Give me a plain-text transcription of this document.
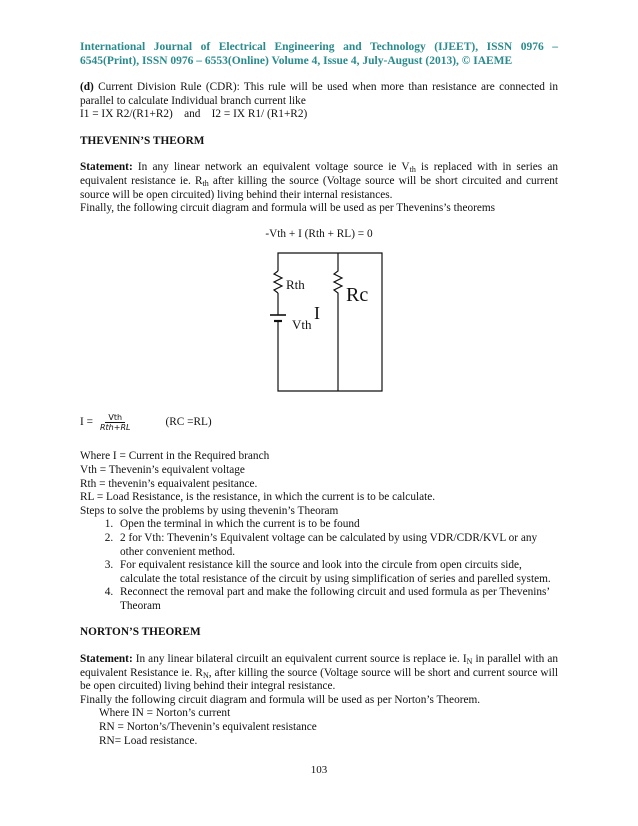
International Journal of Electrical Engineering and Technology (IJEET), ISSN 0976 – 6545(Print), ISSN 0976 – 6553(Online) Volume 4, Issue 4, July-August (2013), © IAEME

(d) Current Division Rule (CDR): This rule will be used when more than resistance are connected in parallel to calculate Individual branch current like

I1 = IX R2/(R1+R2)    and    I2 = IX R1/ (R1+R2)

THEVENIN’S THEORM

Statement: In any linear network an equivalent voltage source ie $V_{th}$ is replaced with in series an equivalent resistance ie. $R_{th}$ after killing the source (Voltage source will be short circuited and current source will be open circuited) living behind their internal resistances.

Finally, the following circuit diagram and formula will be used as per Thevenins’s theorems

-Vth + I (Rth + RL) = 0

Rth Rc
I
Vth
$I = \frac{\text{Vth}}{\text{Rth+RL}}$	(RC =RL)

Where I = Current in the Required branch

Vth = Thevenin’s equivalent voltage

Rth = thevenin’s equaivalent pesitance.

RL = Load Resistance, is the resistance, in which the current is to be calculate.

Steps to solve the problems by using thevenin’s Theoram

1. Open the terminal in which the current is to be found
2. 2 for Vth: Thevenin’s Equivalent voltage can be calculated by using VDR/CDR/KVL or any other convenient method.
3. For equivalent resistance kill the source and look into the circule from open circuits side, calculate the total resistance of the circuit by using simplification of series and parelled system.
4. Reconnect the removal part and make the following circuit and used formula as per Thevenins’ Theoram

NORTON’S THEOREM

Statement: In any linear bilateral circuilt an equivalent current source is replace ie. $I_N$ in parallel with an equivalent Resistance ie. $R_N$, after killing the source (Voltage source will be short and current source will be open circuited) living behind their integral resistance.

Finally the following circuit diagram and formula will be used as per Norton’s Theorem.

Where IN = Norton’s current

RN = Norton’s/Thevenin’s equivalent resistance

RN= Load resistance.

103
